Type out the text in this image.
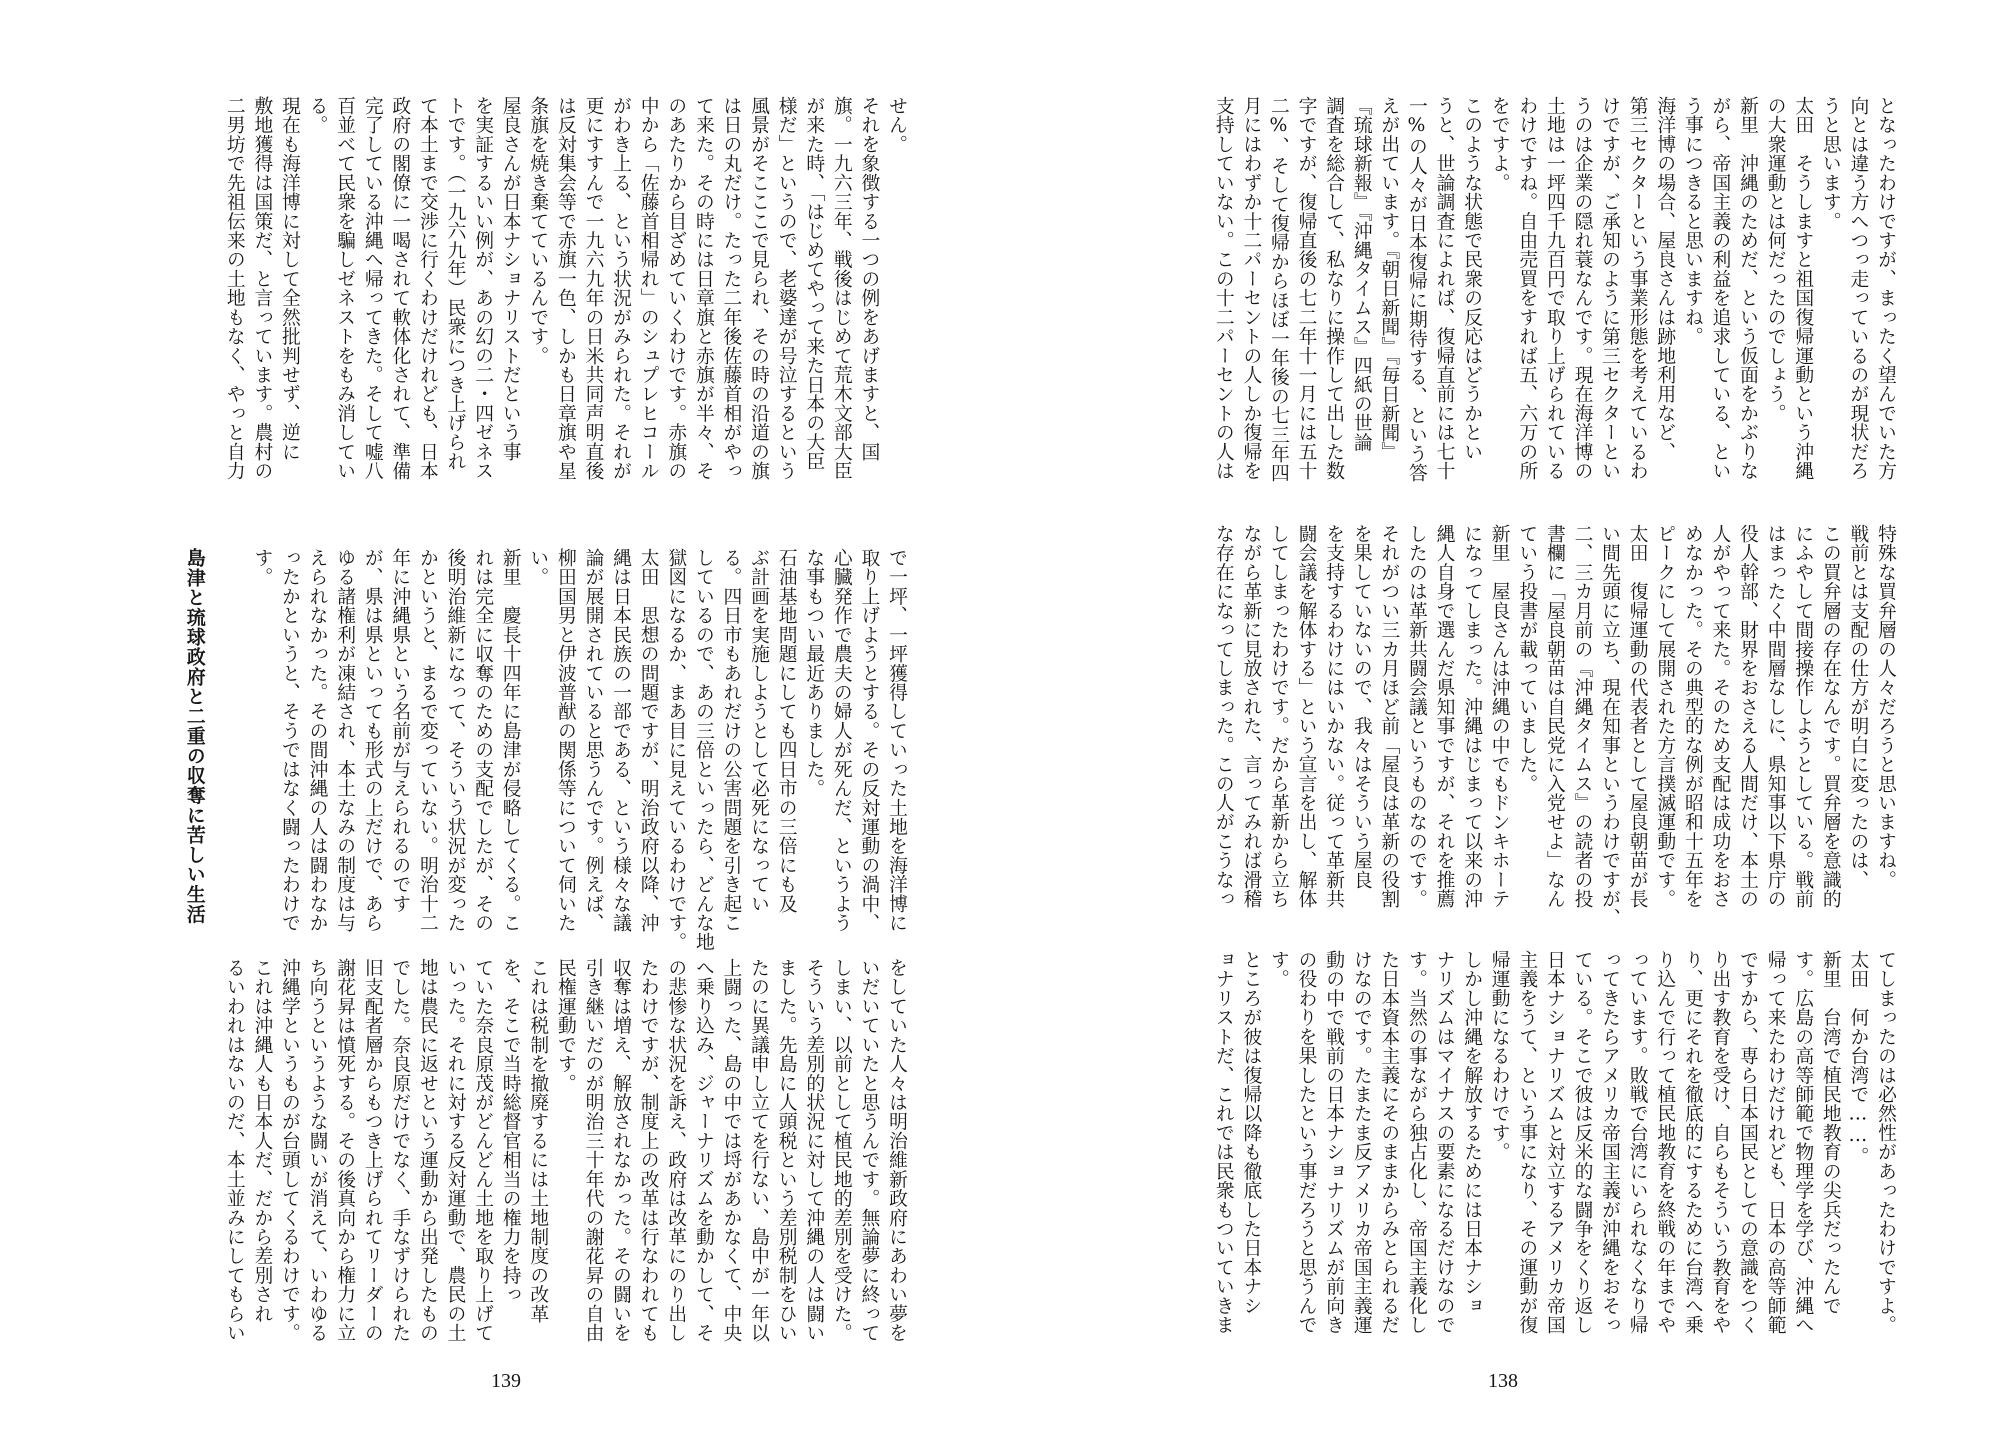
せん。
それを象徴する一つの例をあげますと、国
旗。一九六三年、戦後はじめて荒木文部大臣
が来た時、「はじめてやって来た日本の大臣
様だ」というので、老婆達が号泣するという
風景がそこここで見られ、その時の沿道の旗
は日の丸だけ。たった二年後佐藤首相がやっ
て来た。その時には日章旗と赤旗が半々、そ
のあたりから目ざめていくわけです。赤旗の
中から「佐藤首相帰れ」のシュプレヒコール
がわき上る、という状況がみられた。それが
更にすすんで一九六九年の日米共同声明直後
は反対集会等で赤旗一色、しかも日章旗や星
条旗を焼き棄てているんです。
屋良さんが日本ナショナリストだという事
を実証するいい例が、あの幻の二・四ゼネス
トです。（一九六九年）民衆につき上げられ
て本土まで交渉に行くわけだけれども、日本
政府の閣僚に一喝されて軟体化されて、準備
完了している沖縄へ帰ってきた。そして嘘八
百並べて民衆を騙しゼネストをもみ消してい
る。
現在も海洋博に対して全然批判せず、逆に
敷地獲得は国策だ、と言っています。農村の
二男坊で先祖伝来の土地もなく、やっと自力
で一坪、一坪獲得していった土地を海洋博に
取り上げようとする。その反対運動の渦中、
心臓発作で農夫の婦人が死んだ、というよう
な事もつい最近ありました。
石油基地問題にしても四日市の三倍にも及
ぶ計画を実施しようとして必死になってい
る。四日市もあれだけの公害問題を引き起こ
しているので、あの三倍といったら、どんな地
獄図になるか、まあ目に見えているわけです。
太田　思想の問題ですが、明治政府以降、沖
縄は日本民族の一部である、という様々な議
論が展開されていると思うんです。例えば、
柳田国男と伊波普猷の関係等について伺いた
い。
新里　慶長十四年に島津が侵略してくる。こ
れは完全に収奪のための支配でしたが、その
後明治維新になって、そういう状況が変った
かというと、まるで変っていない。明治十二
年に沖縄県という名前が与えられるのです
が、県は県といっても形式の上だけで、あら
ゆる諸権利が凍結され、本土なみの制度は与
えられなかった。その間沖縄の人は闘わなか
ったかというと、そうではなく闘ったわけで
す。
島津と琉球政府と二重の収奪に苦しい生活
をしていた人々は明治維新政府にあわい夢を
いだいていたと思うんです。無論夢に終って
しまい、以前として植民地的差別を受けた。
そういう差別的状況に対して沖縄の人は闘い
ました。先島に人頭税という差別税制をひい
たのに異議申し立てを行ない、島中が一年以
上闘った、島の中では埒があかなくて、中央
へ乗り込み、ジャーナリズムを動かして、そ
の悲惨な状況を訴え、政府は改革にのり出し
たわけですが、制度上の改革は行なわれても
収奪は増え、解放されなかった。その闘いを
引き継いだのが明治三十年代の謝花昇の自由
民権運動です。
これは税制を撤廃するには土地制度の改革
を、そこで当時総督官相当の権力を持っ
ていた奈良原茂がどんどん土地を取り上げて
いった。それに対する反対運動で、農民の土
地は農民に返せという運動から出発したもの
でした。奈良原だけでなく、手なずけられた
旧支配者層からもつき上げられてリーダーの
謝花昇は憤死する。その後真向から権力に立
ち向うというような闘いが消えて、いわゆる
沖縄学というものが台頭してくるわけです。
これは沖縄人も日本人だ、だから差別され
るいわれはないのだ、本土並みにしてもらい
139
となったわけですが、まったく望んでいた方
向とは違う方へつっ走っているのが現状だろ
うと思います。
太田　そうしますと祖国復帰運動という沖縄
の大衆運動とは何だったのでしょう。
新里　沖縄のためだ、という仮面をかぶりな
がら、帝国主義の利益を追求している、とい
う事につきると思いますね。
海洋博の場合、屋良さんは跡地利用など、
第三セクターという事業形態を考えているわ
けですが、ご承知のように第三セクターとい
うのは企業の隠れ蓑なんです。現在海洋博の
土地は一坪四千九百円で取り上げられている
わけですね。自由売買をすれば五、六万の所
をですよ。
このような状態で民衆の反応はどうかとい
うと、世論調査によれば、復帰直前には七十
一%の人々が日本復帰に期待する、という答
えが出ています。『朝日新聞』『毎日新聞』
『琉球新報』『沖縄タイムス』四紙の世論
調査を総合して、私なりに操作して出した数
字ですが、復帰直後の七二年十一月には五十
二%、そして復帰からほぼ一年後の七三年四
月にはわずか十二パーセントの人しか復帰を
支持していない。この十二パーセントの人は
特殊な買弁層の人々だろうと思いますね。
戦前とは支配の仕方が明白に変ったのは、
この買弁層の存在なんです。買弁層を意識的
にふやして間接操作しようとしている。戦前
はまったく中間層なしに、県知事以下県庁の
役人幹部、財界をおさえる人間だけ、本土の
人がやって来た。そのため支配は成功をおさ
めなかった。その典型的な例が昭和十五年を
ピークにして展開された方言撲滅運動です。
太田　復帰運動の代表者として屋良朝苗が長
い間先頭に立ち、現在知事というわけですが、
二、三カ月前の『沖縄タイムス』の読者の投
書欄に「屋良朝苗は自民党に入党せよ」なん
ていう投書が載っていました。
新里　屋良さんは沖縄の中でもドンキホーテ
になってしまった。沖縄はじまって以来の沖
縄人自身で選んだ県知事ですが、それを推薦
したのは革新共闘会議というものなのです。
それがつい三カ月ほど前「屋良は革新の役割
を果していないので、我々はそういう屋良
を支持するわけにはいかない。従って革新共
闘会議を解体する」という宣言を出し、解体
してしまったわけです。だから革新から立ち
ながら革新に見放された、言ってみれば滑稽
な存在になってしまった。この人がこうなっ
てしまったのは必然性があったわけですよ。
太田　何か台湾で……。
新里　台湾で植民地教育の尖兵だったんで
す。広島の高等師範で物理学を学び、沖縄へ
帰って来たわけだけれども、日本の高等師範
ですから、専ら日本国民としての意識をつく
り出す教育を受け、自らもそういう教育をや
り、更にそれを徹底的にするために台湾へ乗
り込んで行って植民地教育を終戦の年までや
っています。敗戦で台湾にいられなくなり帰
ってきたらアメリカ帝国主義が沖縄をおそっ
ている。そこで彼は反米的な闘争をくり返し
日本ナショナリズムと対立するアメリカ帝国
主義をうて、という事になり、その運動が復
帰運動になるわけです。
しかし沖縄を解放するためには日本ナショ
ナリズムはマイナスの要素になるだけなので
す。当然の事ながら独占化し、帝国主義化し
た日本資本主義にそのままからみとられるだ
けなのです。たまたま反アメリカ帝国主義運
動の中で戦前の日本ナショナリズムが前向き
の役わりを果したという事だろうと思うんで
す。
ところが彼は復帰以降も徹底した日本ナシ
ョナリストだ、これでは民衆もついていきま
138
